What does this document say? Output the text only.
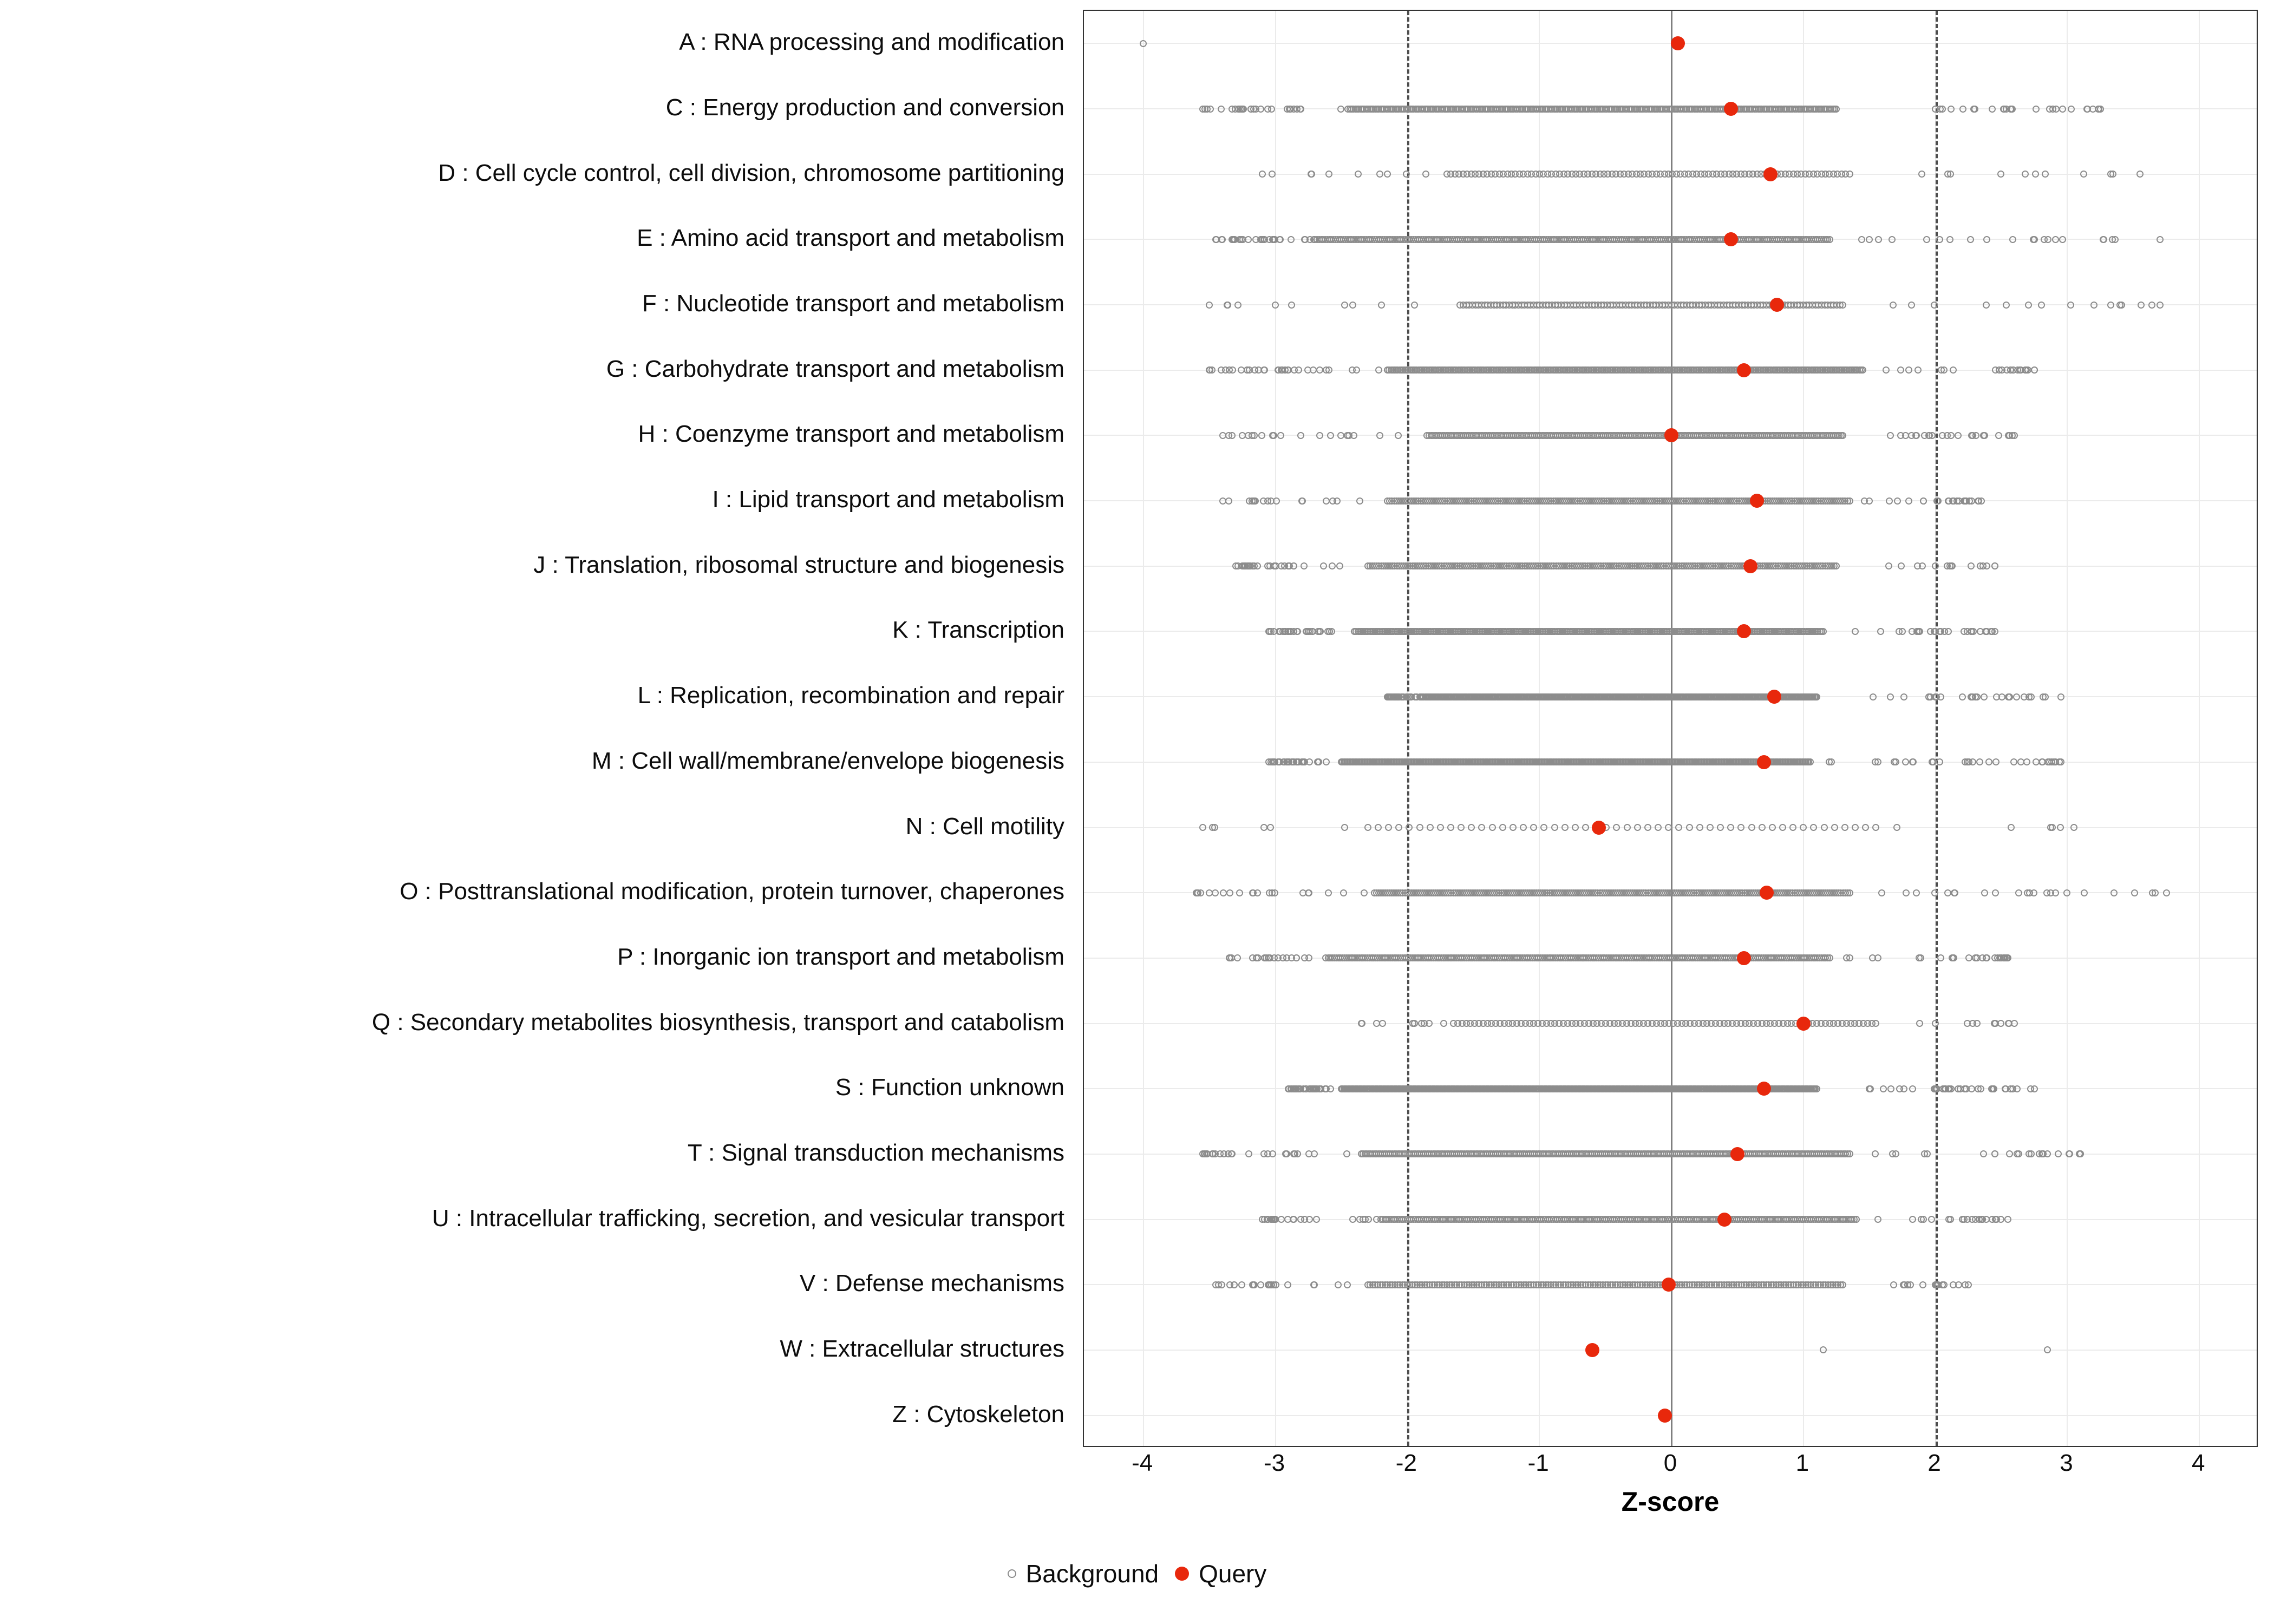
A : RNA processing and modification
C : Energy production and conversion
D : Cell cycle control, cell division, chromosome partitioning
E : Amino acid transport and metabolism
F : Nucleotide transport and metabolism
G : Carbohydrate transport and metabolism
H : Coenzyme transport and metabolism
I : Lipid transport and metabolism
J : Translation, ribosomal structure and biogenesis
K : Transcription
L : Replication, recombination and repair
M : Cell wall/membrane/envelope biogenesis
N : Cell motility
O : Posttranslational modification, protein turnover, chaperones
P : Inorganic ion transport and metabolism
Q : Secondary metabolites biosynthesis, transport and catabolism
S : Function unknown
T : Signal transduction mechanisms
U : Intracellular trafficking, secretion, and vesicular transport
V : Defense mechanisms
W : Extracellular structures
Z : Cytoskeleton
-4	-3	-2	-1	0	1	2	3	4
Z-score
Background Query
